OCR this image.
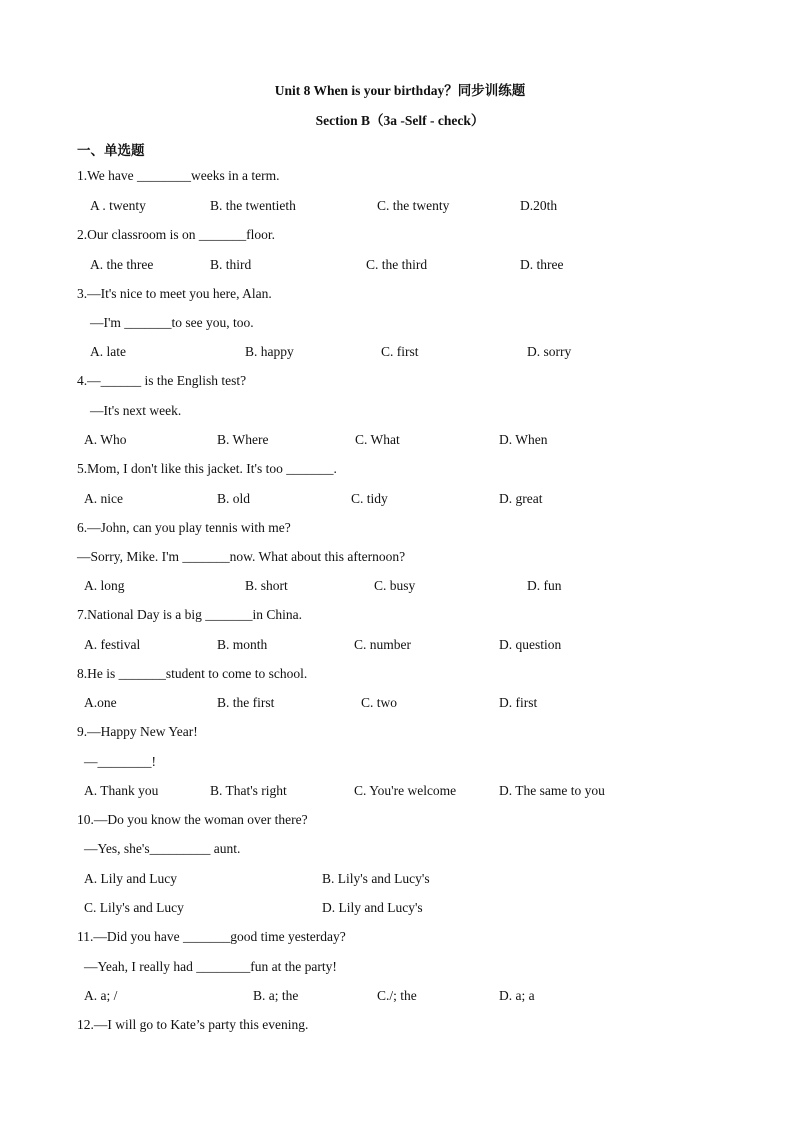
Unit 8 When is your birthday？同步训练题
Section B（3a -Self - check）
一、单选题
1.We have ________weeks in a term.
A . twenty	B. the twentieth	C. the twenty	D.20th
2.Our classroom is on _______floor.
A. the three	B. third	C. the third	D. three
3.—It's nice to meet you here, Alan.
—I'm _______to see you, too.
A. late	B. happy	C. first	D. sorry
4.—______ is the English test?
—It's next week.
A. Who	B. Where	C. What	D. When
5.Mom, I don't like this jacket. It's too _______.
A. nice	B. old	C. tidy	D. great
6.—John, can you play tennis with me?
—Sorry, Mike. I'm _______now. What about this afternoon?
A. long	B. short	C. busy	D. fun
7.National Day is a big _______in China.
A. festival	B. month	C. number	D. question
8.He is _______student to come to school.
A.one	B. the first	C. two	D. first
9.—Happy New Year!
—________!
A. Thank you	B. That's right	C. You're welcome	D. The same to you
10.—Do you know the woman over there?
—Yes, she's_________ aunt.
A. Lily and Lucy	B. Lily's and Lucy's
C. Lily's and Lucy	D. Lily and Lucy's
11.—Did you have _______good time yesterday?
—Yeah, I really had ________fun at the party!
A. a; /	B. a; the	C./; the	D. a; a
12.—I will go to Kate’s party this evening.
